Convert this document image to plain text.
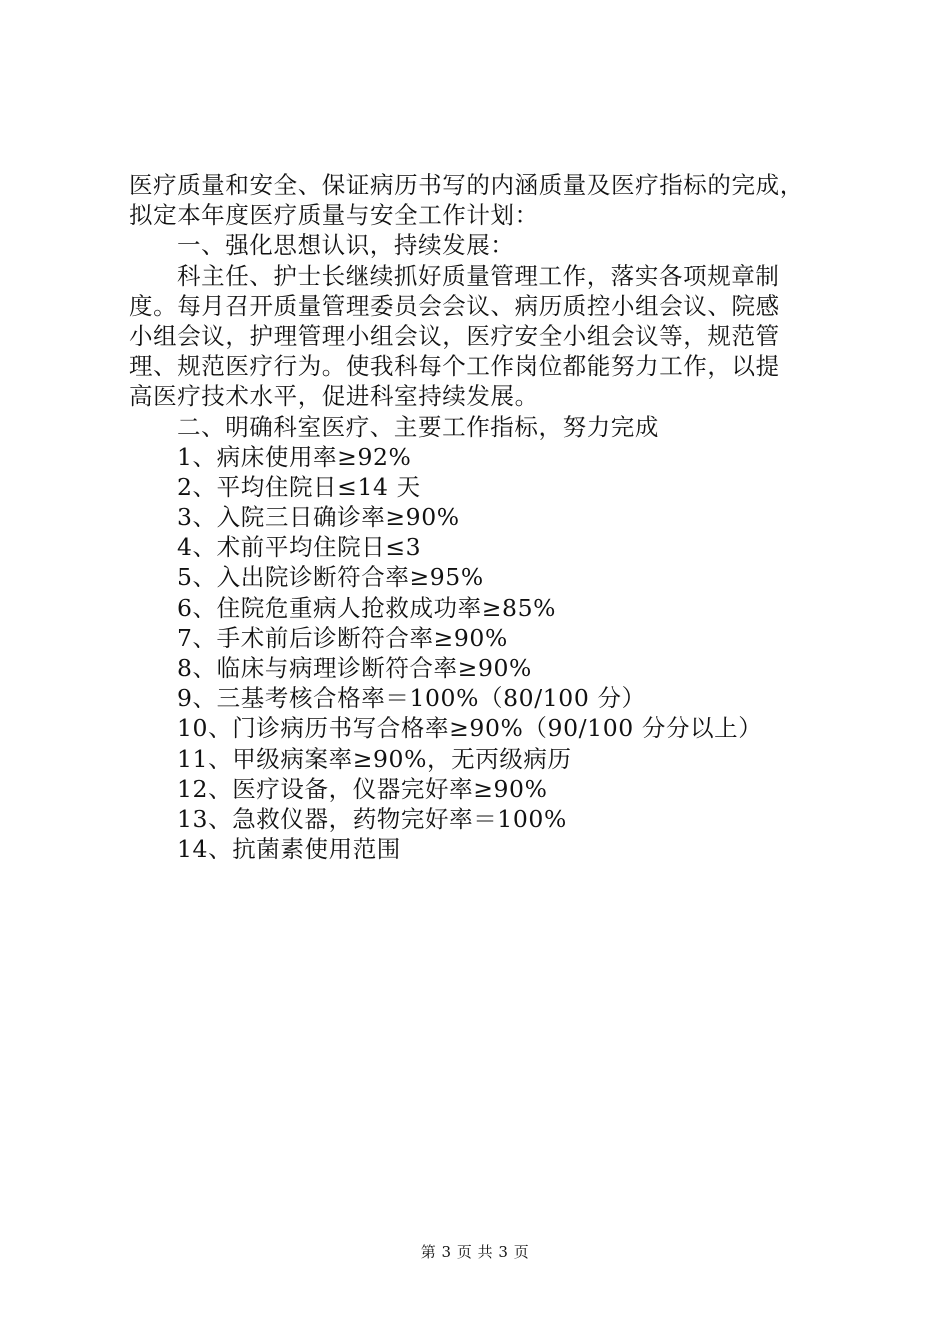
医疗质量和安全、保证病历书写的内涵质量及医疗指标的完成，
拟定本年度医疗质量与安全工作计划：
一、强化思想认识，持续发展：
科主任、护士长继续抓好质量管理工作，落实各项规章制
度。每月召开质量管理委员会会议、病历质控小组会议、院感
小组会议，护理管理小组会议，医疗安全小组会议等，规范管
理、规范医疗行为。使我科每个工作岗位都能努力工作，以提
高医疗技术水平，促进科室持续发展。
二、明确科室医疗、主要工作指标，努力完成
1、病床使用率≥92%
2、平均住院日≤14 天
3、入院三日确诊率≥90%
4、术前平均住院日≤3
5、入出院诊断符合率≥95%
6、住院危重病人抢救成功率≥85%
7、手术前后诊断符合率≥90%
8、临床与病理诊断符合率≥90%
9、三基考核合格率＝100%（80/100 分）
10、门诊病历书写合格率≥90%（90/100 分分以上）
11、甲级病案率≥90%，无丙级病历
12、医疗设备，仪器完好率≥90%
13、急救仪器，药物完好率＝100%
14、抗菌素使用范围
第 3 页 共 3 页
